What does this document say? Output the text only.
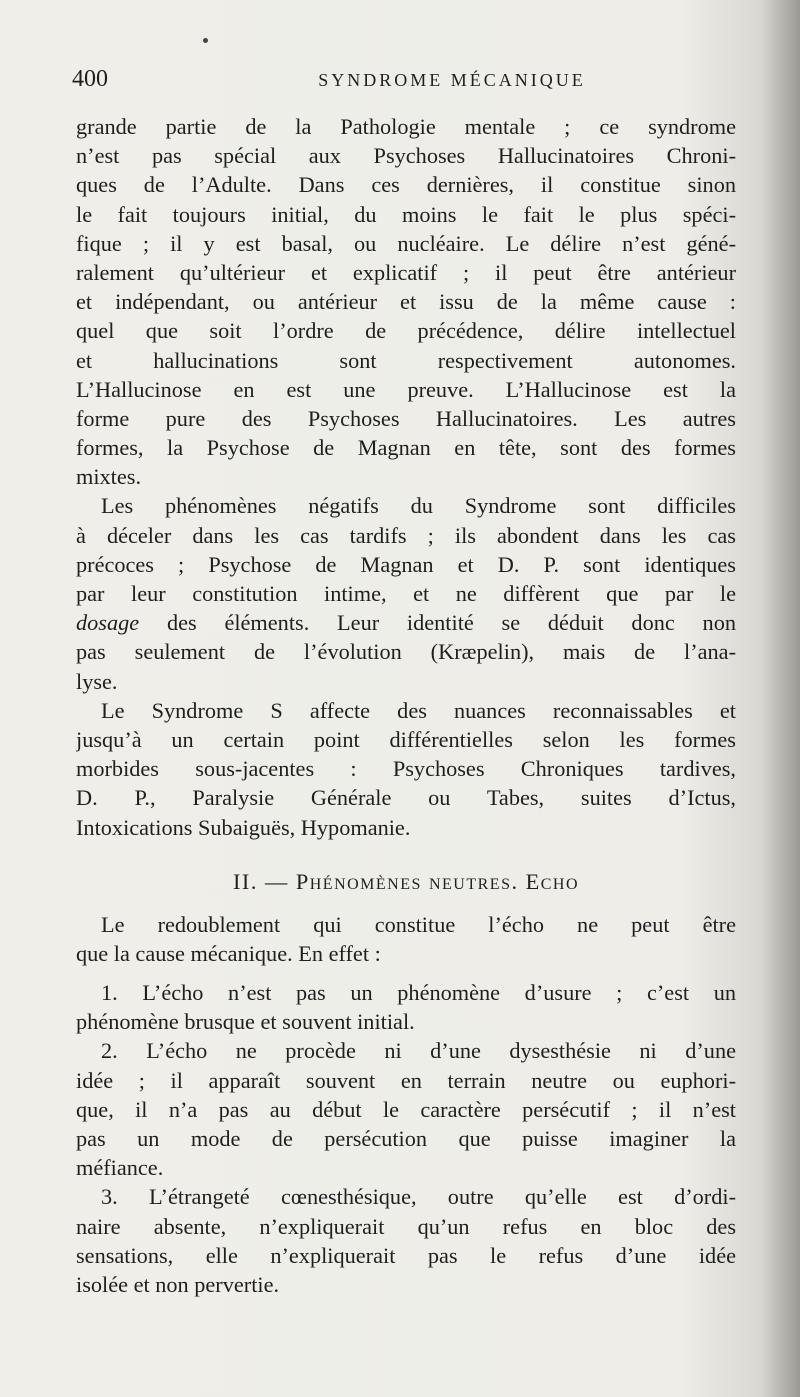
400	SYNDROME MÉCANIQUE
grande partie de la Pathologie mentale ; ce syndrome
n’est pas spécial aux Psychoses Hallucinatoires Chroni-
ques de l’Adulte. Dans ces dernières, il constitue sinon
le fait toujours initial, du moins le fait le plus spéci-
fique ; il y est basal, ou nucléaire. Le délire n’est géné-
ralement qu’ultérieur et explicatif ; il peut être antérieur
et indépendant, ou antérieur et issu de la même cause :
quel que soit l’ordre de précédence, délire intellectuel
et hallucinations sont respectivement autonomes.
L’Hallucinose en est une preuve. L’Hallucinose est la
forme pure des Psychoses Hallucinatoires. Les autres
formes, la Psychose de Magnan en tête, sont des formes
mixtes.
Les phénomènes négatifs du Syndrome sont difficiles
à déceler dans les cas tardifs ; ils abondent dans les cas
précoces ; Psychose de Magnan et D. P. sont identiques
par leur constitution intime, et ne diffèrent que par le
dosage des éléments. Leur identité se déduit donc non
pas seulement de l’évolution (Kræpelin), mais de l’ana-
lyse.
Le Syndrome S affecte des nuances reconnaissables et
jusqu’à un certain point différentielles selon les formes
morbides sous-jacentes : Psychoses Chroniques tardives,
D. P., Paralysie Générale ou Tabes, suites d’Ictus,
Intoxications Subaiguës, Hypomanie.
II. — Phénomènes neutres. Echo
Le redoublement qui constitue l’écho ne peut être
que la cause mécanique. En effet :
1. L’écho n’est pas un phénomène d’usure ; c’est un
phénomène brusque et souvent initial.
2. L’écho ne procède ni d’une dysesthésie ni d’une
idée ; il apparaît souvent en terrain neutre ou euphori-
que, il n’a pas au début le caractère persécutif ; il n’est
pas un mode de persécution que puisse imaginer la
méfiance.
3. L’étrangeté cœnesthésique, outre qu’elle est d’ordi-
naire absente, n’expliquerait qu’un refus en bloc des
sensations, elle n’expliquerait pas le refus d’une idée
isolée et non pervertie.
